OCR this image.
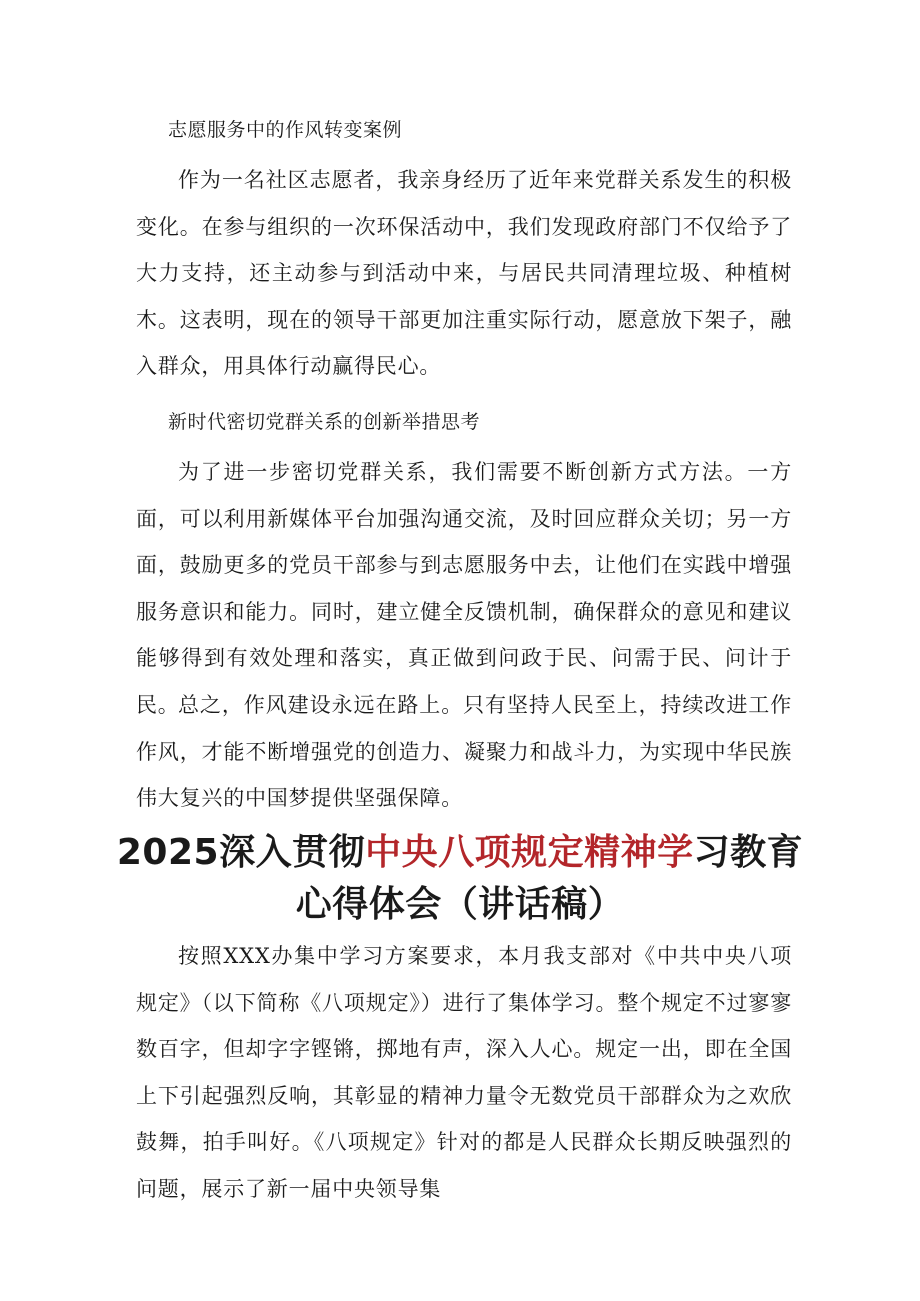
志愿服务中的作风转变案例

作为一名社区志愿者，我亲身经历了近年来党群关系发生的积极变化。在参与组织的一次环保活动中，我们发现政府部门不仅给予了大力支持，还主动参与到活动中来，与居民共同清理垃圾、种植树木。这表明，现在的领导干部更加注重实际行动，愿意放下架子，融入群众，用具体行动赢得民心。

新时代密切党群关系的创新举措思考

为了进一步密切党群关系，我们需要不断创新方式方法。一方面，可以利用新媒体平台加强沟通交流，及时回应群众关切；另一方面，鼓励更多的党员干部参与到志愿服务中去，让他们在实践中增强服务意识和能力。同时，建立健全反馈机制，确保群众的意见和建议能够得到有效处理和落实，真正做到问政于民、问需于民、问计于民。

总之，作风建设永远在路上。只有坚持人民至上，持续改进工作作风，才能不断增强党的创造力、凝聚力和战斗力，为实现中华民族伟大复兴的中国梦提供坚强保障。

2025深入贯彻中央八项规定精神学习教育
心得体会（讲话稿）

按照XXX办集中学习方案要求，本月我支部对《中共中央八项规定》（以下简称《八项规定》）进行了集体学习。整个规定不过寥寥数百字，但却字字铿锵，掷地有声，深入人心。规定一出，即在全国上下引起强烈反响，其彰显的精神力量令无数党员干部群众为之欢欣鼓舞，拍手叫好。《八项规定》针对的都是人民群众长期反映强烈的问题，展示了新一届中央领导集
